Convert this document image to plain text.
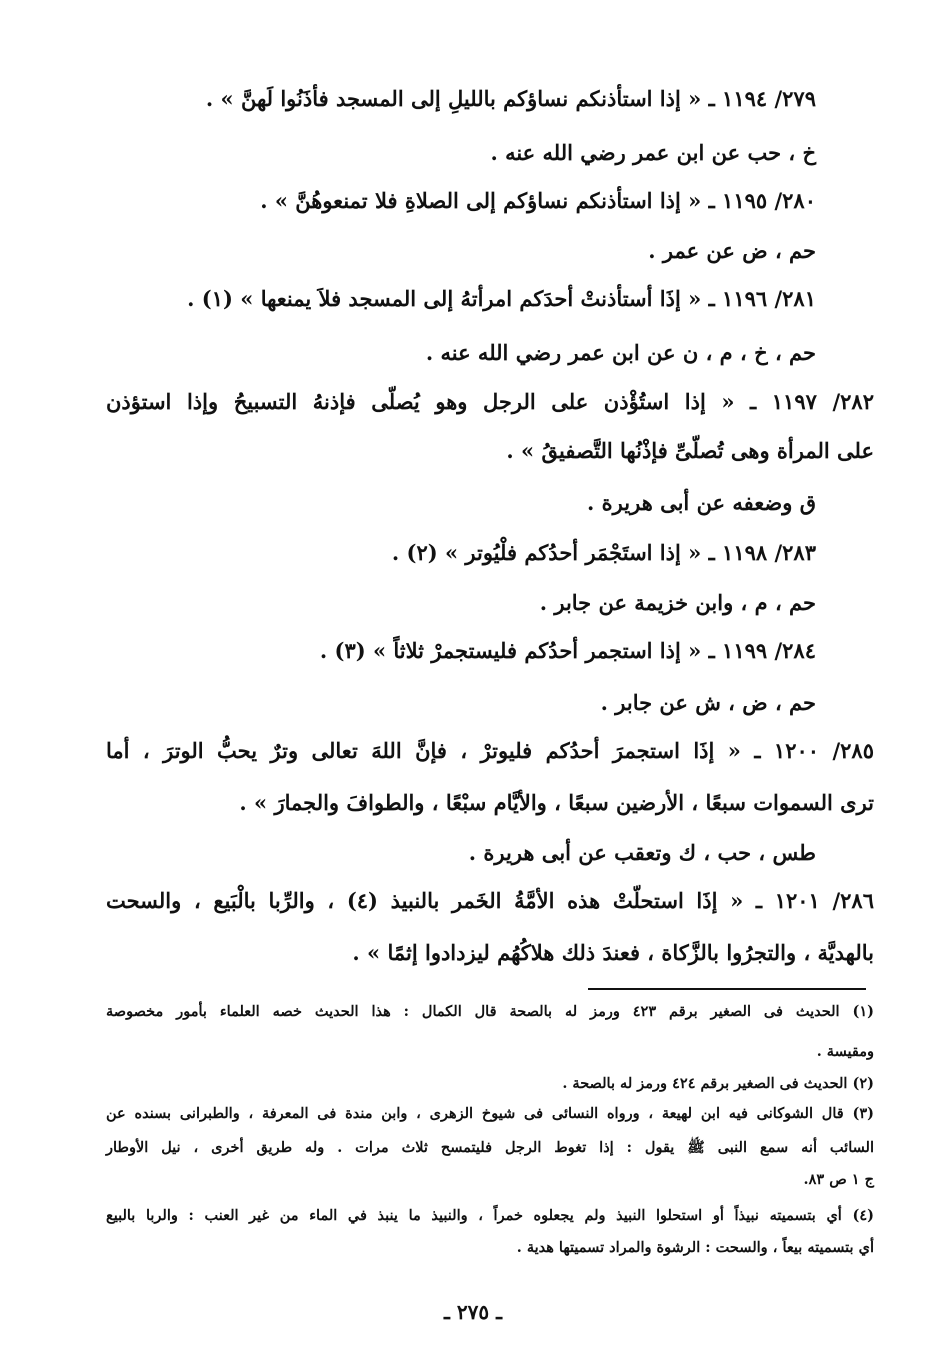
٢٧٩/ ١١٩٤ ـ « إذا استأذنكم نساؤكم بالليلِ إلى المسجد فأذَنُوا لَهنَّ » .
خ ، حب عن ابن عمر رضي الله عنه .
٢٨٠/ ١١٩٥ ـ « إذا استأذنكم نساؤكم إلى الصلاةِ فلا تمنعوهُنَّ » .
حم ، ض عن عمر .
٢٨١/ ١١٩٦ ـ « إذَا أستأذنتْ أحدَكم امرأتهُ إلى المسجد فلاَ يمنعها » (١) .
حم ، خ ، م ، ن عن ابن عمر رضي الله عنه .
٢٨٢/ ١١٩٧ ـ « إذا استُؤْذن على الرجل وهو يُصلّى فإذنهُ التسبيحُ وإذا استؤذن
على المرأة وهى تُصلّىِّ فإذْنُها التَّصفيقُ » .
ق وضعفه عن أبى هريرة .
٢٨٣/ ١١٩٨ ـ « إذا استَجْمَر أحدُكم فلْيُوتر » (٢) .
حم ، م ، وابن خزيمة عن جابر .
٢٨٤/ ١١٩٩ ـ « إذا استجمر أحدُكم فليستجمرْ ثلاثاً » (٣) .
حم ، ض ، ش عن جابر .
٢٨٥/ ١٢٠٠ ـ « إذَا استجمرَ أحدُكم فليوترْ ، فإنَّ اللهَ تعالى وترٌ يحبُّ الوترَ ، أما
ترى السموات سبعًا ، الأرضين سبعًا ، والأيَّام سبْعًا ، والطوافَ والجمارَ » .
طس ، حب ، ك وتعقب عن أبى هريرة .
٢٨٦/ ١٢٠١ ـ « إذَا استحلّتْ هذه الأمَّةُ الخَمر بالنبيذ (٤) ، والرِّبا بالْبَيع ، والسحت
بالهديَّة ، والتجرُوا بالزَّكاة ، فعندَ ذلك هلاكُهُم ليزدادوا إثمًا » .
(١) الحديث فى الصغير برقم ٤٢٣ ورمز له بالصحة قال الكمال : هذا الحديث خصه العلماء بأمور مخصوصة
ومقيسة .
(٢) الحديث فى الصغير برقم ٤٢٤ ورمز له بالصحة .
(٣) قال الشوكانى فيه ابن لهيعة ، ورواه النسائى فى شيوخ الزهرى ، وابن مندة فى المعرفة ، والطبرانى بسنده عن
السائب أنه سمع النبى ﷺ يقول : إذا تغوط الرجل فليتمسح ثلاث مرات . وله طريق أخرى ، نيل الأوطار
ج ١ ص ٨٣.
(٤) أي بتسميته نبيذاً أو استحلوا النبيذ ولم يجعلوه خمراً ، والنبيذ ما ينبذ في الماء من غير العنب : والربا بالبيع
أي بتسميته بيعاً ، والسحت : الرشوة والمراد تسميتها هدية .
ـ ٢٧٥ ـ
